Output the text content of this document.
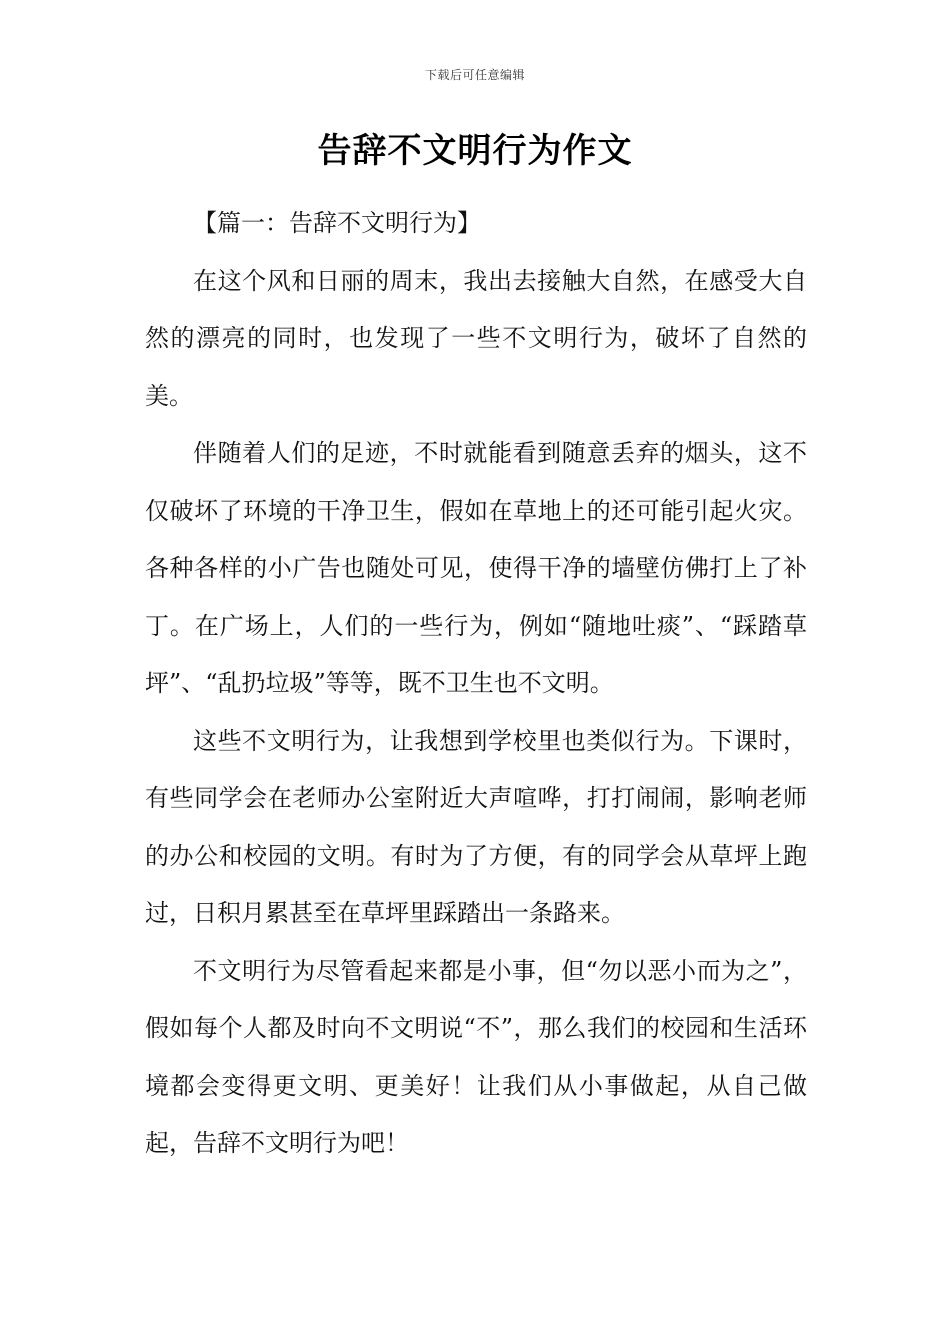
下载后可任意编辑
告辞不文明行为作文

【篇一：告辞不文明行为】

在这个风和日丽的周末，我出去接触大自然，在感受大自然的漂亮的同时，也发现了一些不文明行为，破坏了自然的美。

伴随着人们的足迹，不时就能看到随意丢弃的烟头，这不仅破坏了环境的干净卫生，假如在草地上的还可能引起火灾。各种各样的小广告也随处可见，使得干净的墙壁仿佛打上了补丁。在广场上，人们的一些行为，例如“随地吐痰”、“踩踏草坪”、“乱扔垃圾”等等，既不卫生也不文明。

这些不文明行为，让我想到学校里也类似行为。下课时，有些同学会在老师办公室附近大声喧哗，打打闹闹，影响老师的办公和校园的文明。有时为了方便，有的同学会从草坪上跑过，日积月累甚至在草坪里踩踏出一条路来。

不文明行为尽管看起来都是小事，但“勿以恶小而为之”，假如每个人都及时向不文明说“不”，那么我们的校园和生活环境都会变得更文明、更美好！让我们从小事做起，从自己做起，告辞不文明行为吧！
